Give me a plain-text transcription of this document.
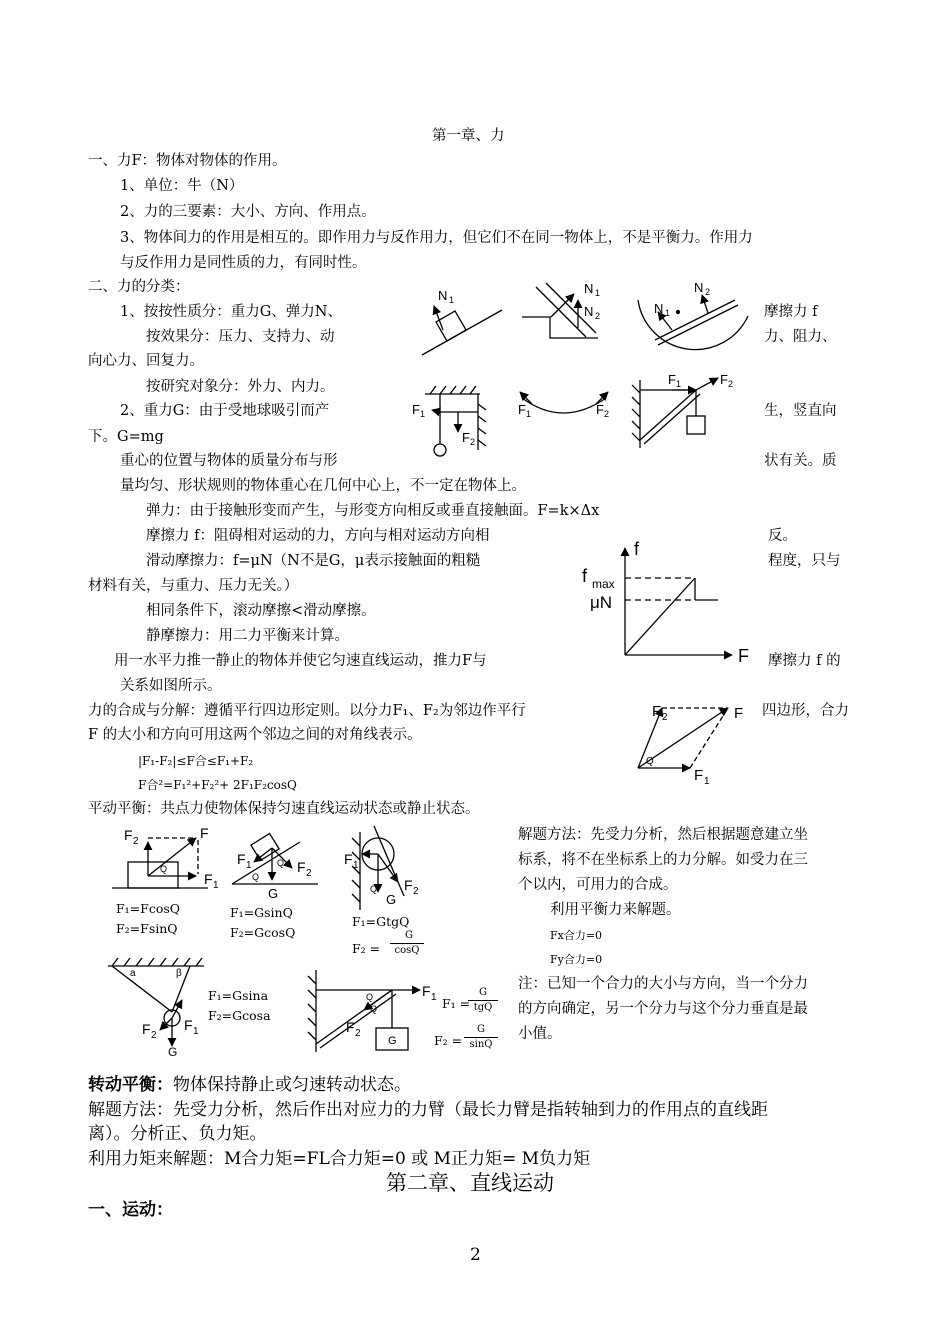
第一章、力
一、力F：物体对物体的作用。
1、单位：牛（N）
2、力的三要素：大小、方向、作用点。
3、物体间力的作用是相互的。即作用力与反作用力，但它们不在同一物体上，不是平衡力。作用力
与反作用力是同性质的力，有同时性。
二、力的分类：
1、按按性质分：重力G、弹力N、	摩擦力 f
按效果分：压力、支持力、动	力、阻力、
向心力、回复力。
按研究对象分：外力、内力。
2、重力G：由于受地球吸引而产	生，竖直向
下。G=mg
重心的位置与物体的质量分布与形	状有关。质
量均匀、形状规则的物体重心在几何中心上，不一定在物体上。
弹力：由于接触形变而产生，与形变方向相反或垂直接触面。F=k×Δx
摩擦力 f：阻碍相对运动的力，方向与相对运动方向相	反。
滑动摩擦力：f=μN（N不是G，μ表示接触面的粗糙	程度，只与
材料有关，与重力、压力无关。）
相同条件下，滚动摩擦<滑动摩擦。
静摩擦力：用二力平衡来计算。
用一水平力推一静止的物体并使它匀速直线运动，推力F与	摩擦力 f 的
关系如图所示。
力的合成与分解：遵循平行四边形定则。以分力F₁、F₂为邻边作平行	四边形，合力
F 的大小和方向可用这两个邻边之间的对角线表示。
|F₁-F₂|≤F合≤F₁+F₂
F合²=F₁²+F₂²+ 2F₁F₂cosQ
平动平衡：共点力使物体保持匀速直线运动状态或静止状态。
解题方法：先受力分析，然后根据题意建立坐
标系，将不在坐标系上的力分解。如受力在三
个以内，可用力的合成。
利用平衡力来解题。
Fx合力=0
Fy合力=0
注：已知一个合力的大小与方向，当一个分力
的方向确定，另一个分力与这个分力垂直是最
小值。
转动平衡：物体保持静止或匀速转动状态。
解题方法：先受力分析，然后作出对应力的力臂（最长力臂是指转轴到力的作用点的直线距
离）。分析正、负力矩。
利用力矩来解题：M合力矩=FL合力矩=0 或 M正力矩= M负力矩
第二章、直线运动
一、运动：
2
N 1
N 1
N 2	N 1
N 2
F 1
F 2
F 1	F 2
F 1	F 2
f
f max
μN
F
F 2	F
F 1
Q
F 2
F
F 1
Q
F 1	F 2
G
Q
Q	F 1
F 2
G
Q
a	β
F 2
F 1
G
F 1
F 2
G
Q
Q
F₁=FcosQ
F₂=FsinQ
F₁=GsinQ
F₂=GcosQ
F₁=GtgQ
F₂ =
G
cosQ
F₁=Gsina
F₂=Gcosa
F₁ =
G
tgQ
F₂ =
G
sinQ
